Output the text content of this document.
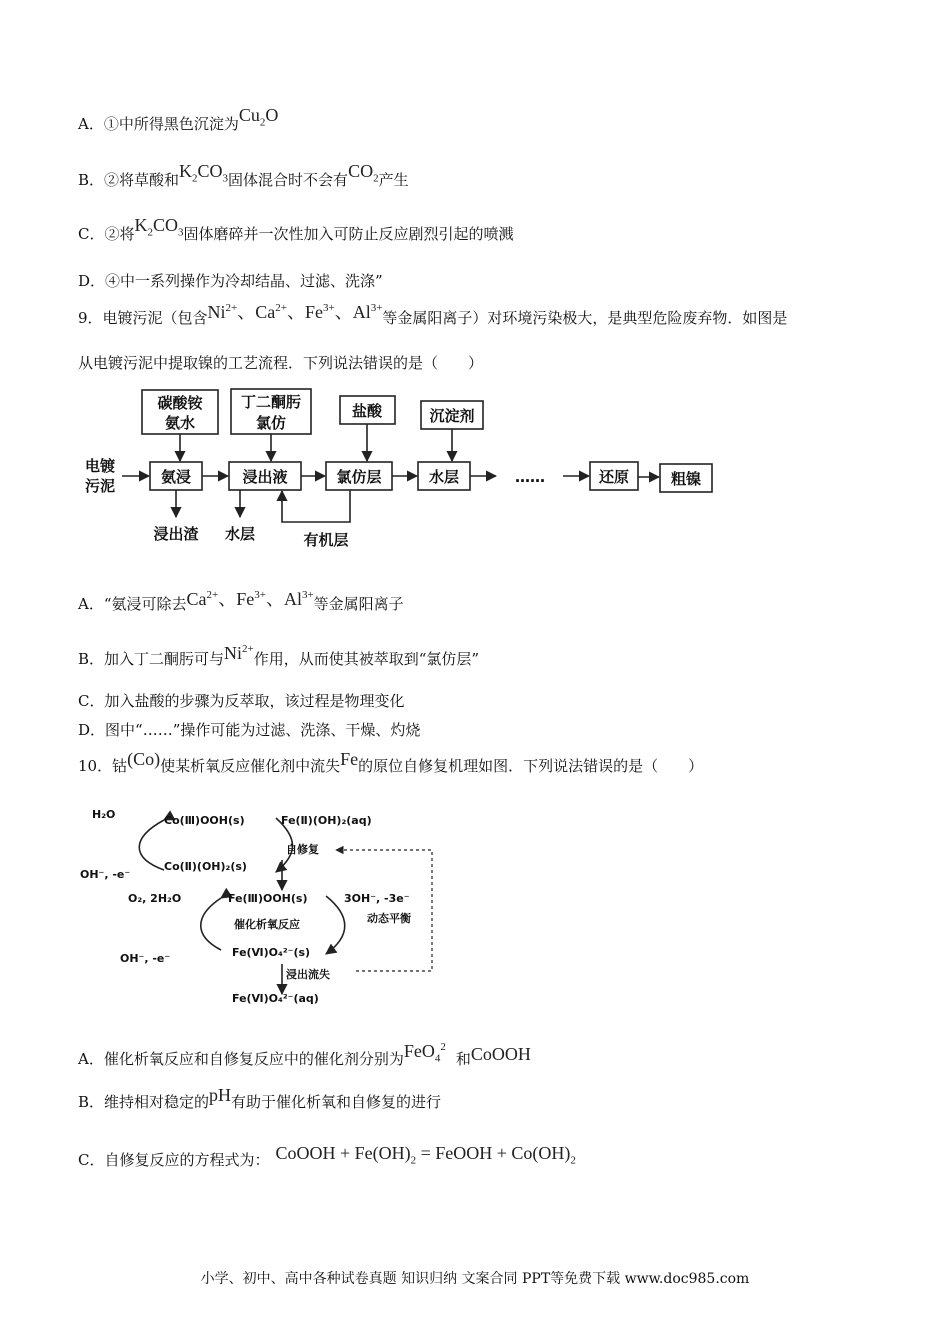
A．①中所得黑色沉淀为$Cu_2O$
B．②将草酸和$K_2CO_3$固体混合时不会有$CO_2$产生
C．②将$K_2CO_3$固体磨碎并一次性加入可防止反应剧烈引起的喷溅
D．④中一系列操作为冷却结晶、过滤、洗涤”
9．电镀污泥（包含$Ni^{2+}$、$Ca^{2+}$、$Fe^{3+}$、$Al^{3+}$等金属阳离子）对环境污染极大，是典型危险废弃物．如图是
从电镀污泥中提取镍的工艺流程．下列说法错误的是（　　）
碳酸铵
氨水
丁二酮肟
氯仿
盐酸	沉淀剂
电镀
污泥	氨浸	浸出液	氯仿层	水层	……	还原	粗镍
浸出渣 水层	有机层
A．“氨浸可除去$Ca^{2+}$、$Fe^{3+}$、$Al^{3+}$等金属阳离子
B．加入丁二酮肟可与$Ni^{2+}$作用，从而使其被萃取到“氯仿层”
C．加入盐酸的步骤为反萃取，该过程是物理变化
D．图中“……”操作可能为过滤、洗涤、干燥、灼烧
10．钴(Co)使某析氧反应催化剂中流失Fe的原位自修复机理如图．下列说法错误的是（　　）
H₂O
OH⁻, -e⁻
Co(Ⅲ)OOH(s)
Co(Ⅱ)(OH)₂(s)
Fe(Ⅱ)(OH)₂(aq)
自修复
Fe(Ⅲ)OOH(s)
O₂, 2H₂O
催化析氧反应
3OH⁻, -3e⁻
动态平衡
OH⁻, -e⁻	Fe(Ⅵ)O₄²⁻(s)
浸出流失
Fe(Ⅵ)O₄²⁻(aq)
A．催化析氧反应和自修复反应中的催化剂分别为FeO$_4^2$和CoOOH
B．维持相对稳定的pH有助于催化析氧和自修复的进行
C．自修复反应的方程式为： CoOOH + $Fe(OH)_2$ = FeOOH + $Co(OH)_2$
小学、初中、高中各种试卷真题 知识归纳 文案合同 PPT等免费下载 www.doc985.com
